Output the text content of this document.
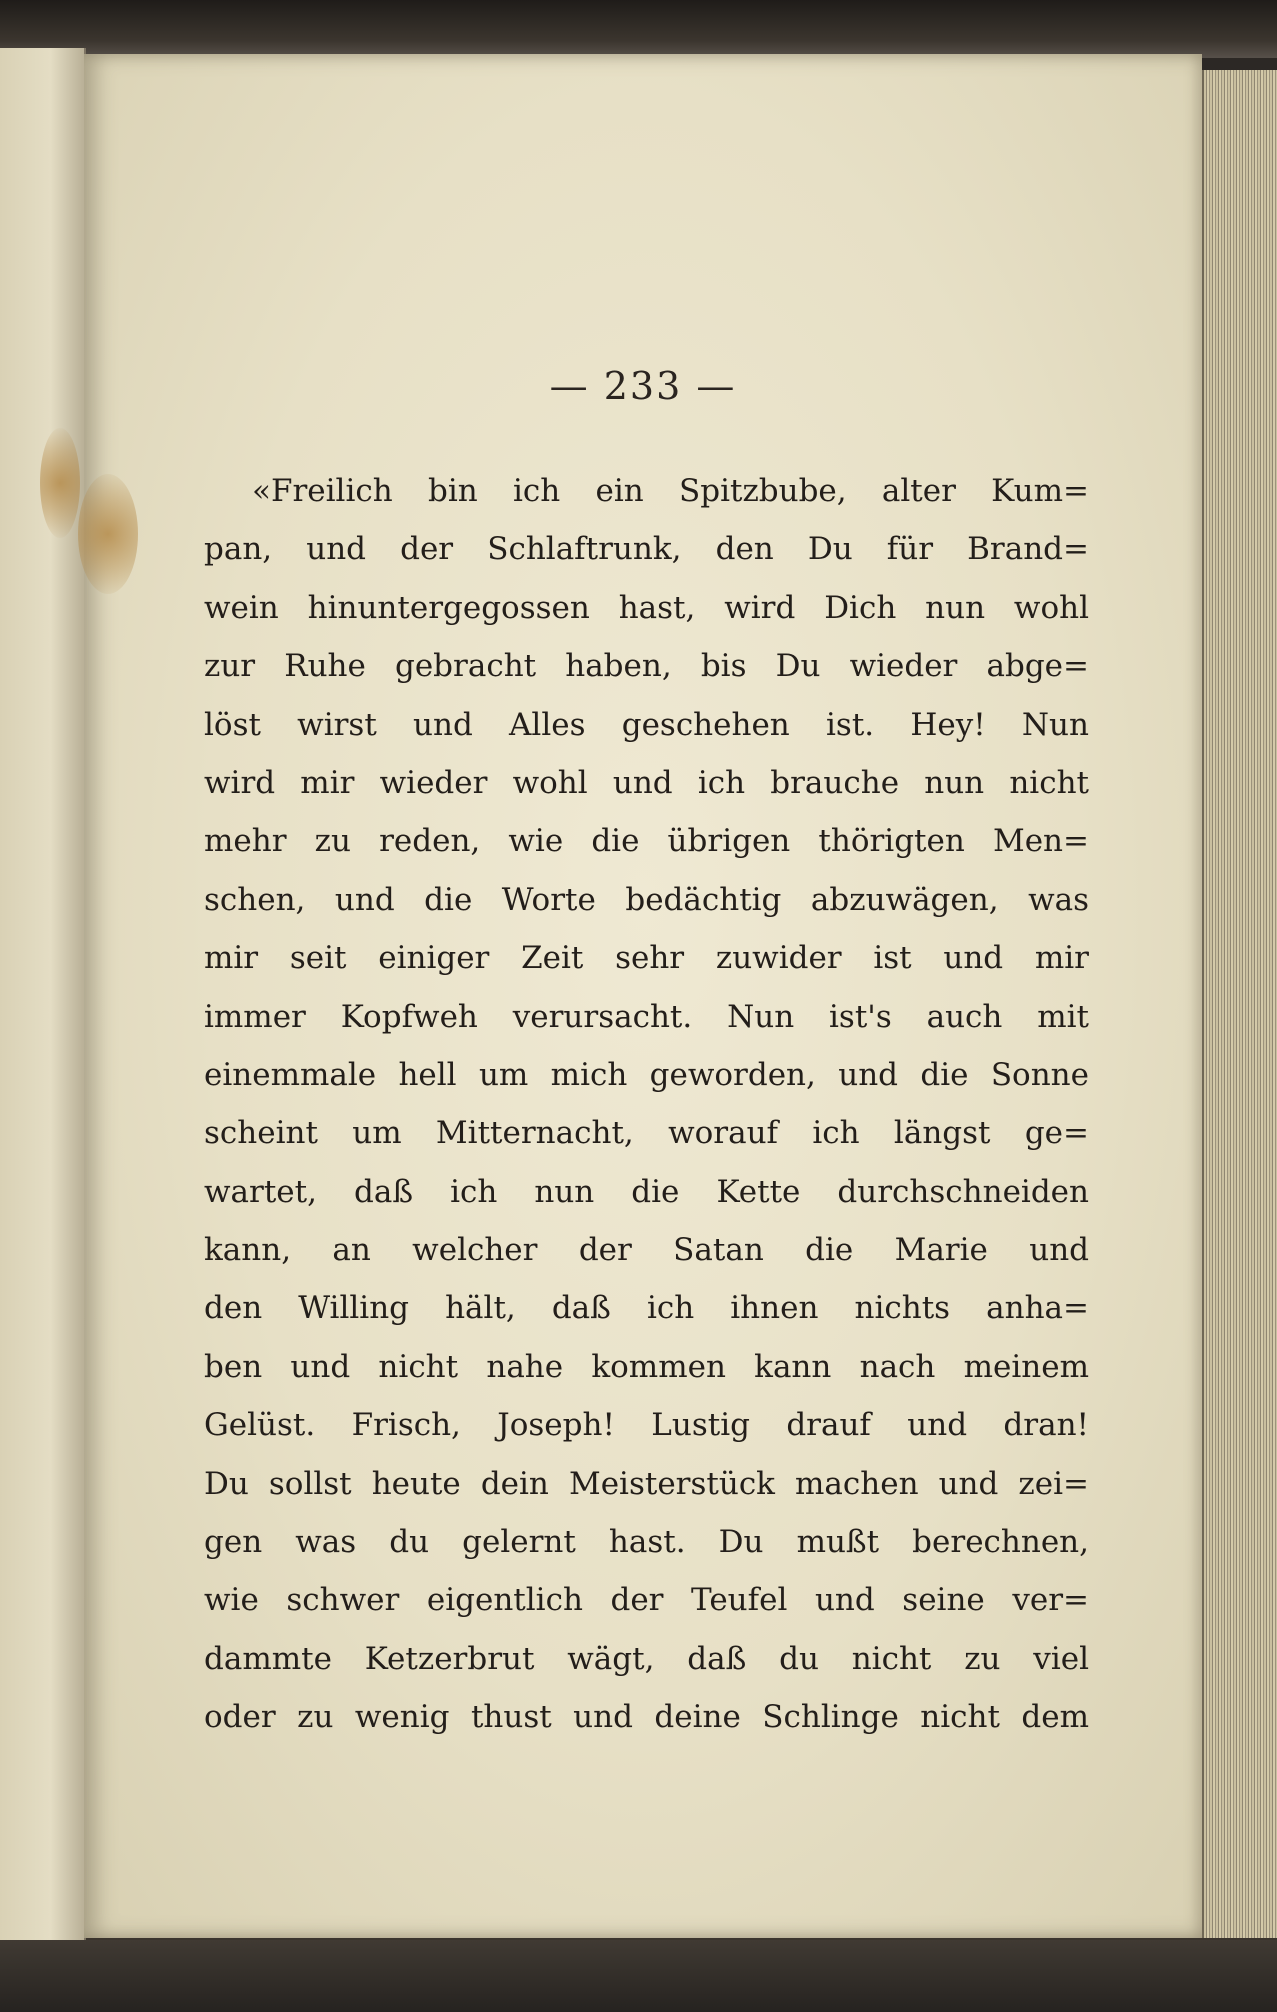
— 233 —
«Freilich bin ich ein Spitzbube, alter Kum=
pan, und der Schlaftrunk, den Du für Brand=
wein hinuntergegossen hast, wird Dich nun wohl
zur Ruhe gebracht haben, bis Du wieder abge=
löst wirst und Alles geschehen ist. Hey! Nun
wird mir wieder wohl und ich brauche nun nicht
mehr zu reden, wie die übrigen thörigten Men=
schen, und die Worte bedächtig abzuwägen, was
mir seit einiger Zeit sehr zuwider ist und mir
immer Kopfweh verursacht. Nun ist's auch mit
einemmale hell um mich geworden, und die Sonne
scheint um Mitternacht, worauf ich längst ge=
wartet, daß ich nun die Kette durchschneiden
kann, an welcher der Satan die Marie und
den Willing hält, daß ich ihnen nichts anha=
ben und nicht nahe kommen kann nach meinem
Gelüst. Frisch, Joseph! Lustig drauf und dran!
Du sollst heute dein Meisterstück machen und zei=
gen was du gelernt hast. Du mußt berechnen,
wie schwer eigentlich der Teufel und seine ver=
dammte Ketzerbrut wägt, daß du nicht zu viel
oder zu wenig thust und deine Schlinge nicht dem
